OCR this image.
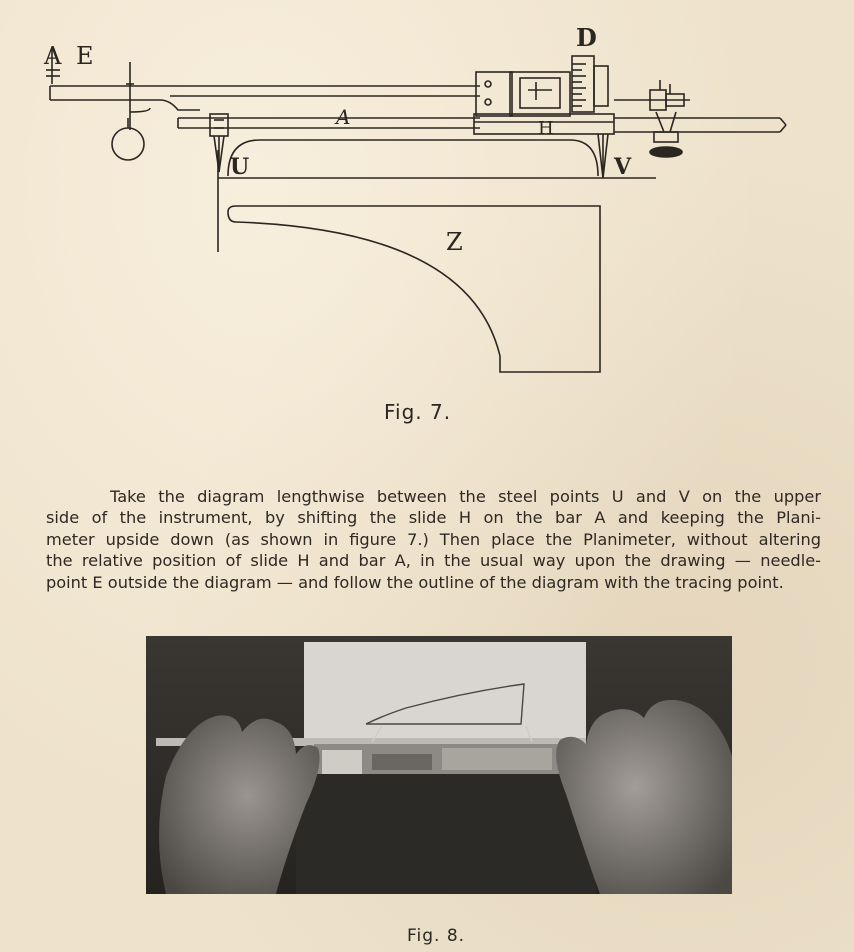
A E
D
A	H
U	V
Z
Fig. 7.
Take the diagram lengthwise between the steel points U and V on the upper
side of the instrument, by shifting the slide H on the bar A and keeping the Plani-
meter upside down (as shown in figure 7.) Then place the Planimeter, without altering
the relative position of slide H and bar A, in the usual way upon the drawing — needle-
point E outside the diagram — and follow the outline of the diagram with the tracing point.
Fig. 8.
